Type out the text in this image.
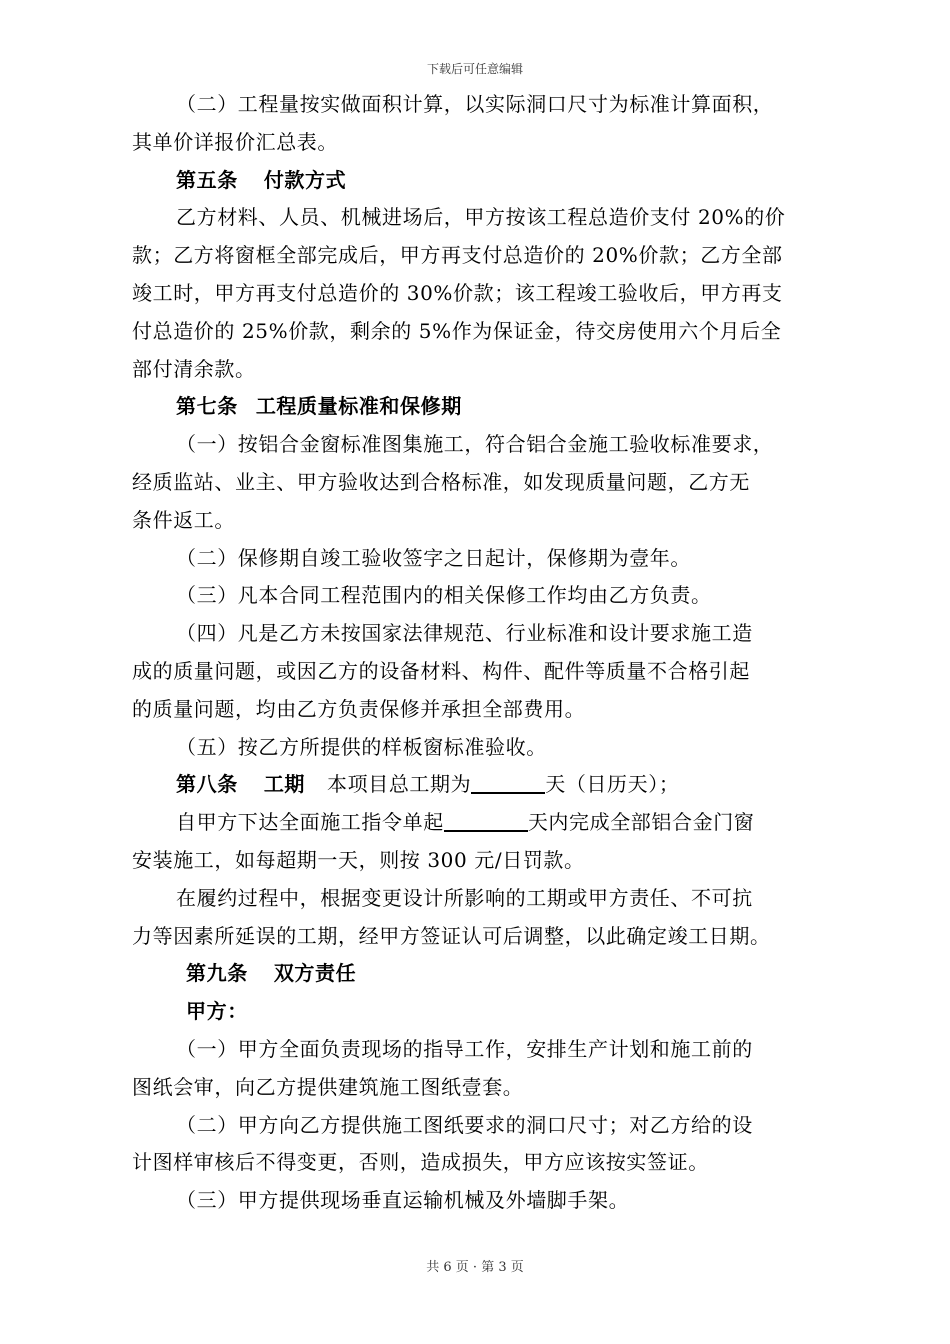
下载后可任意编辑
（二）工程量按实做面积计算，以实际洞口尺寸为标准计算面积，
其单价详报价汇总表。
第五条 付款方式
乙方材料、人员、机械进场后，甲方按该工程总造价支付 20%的价
款；乙方将窗框全部完成后，甲方再支付总造价的 20%价款；乙方全部
竣工时，甲方再支付总造价的 30%价款；该工程竣工验收后，甲方再支
付总造价的 25%价款，剩余的 5%作为保证金，待交房使用六个月后全
部付清余款。
第七条 工程质量标准和保修期
（一）按铝合金窗标准图集施工，符合铝合金施工验收标准要求，
经质监站、业主、甲方验收达到合格标准，如发现质量问题，乙方无
条件返工。
（二）保修期自竣工验收签字之日起计，保修期为壹年。
（三）凡本合同工程范围内的相关保修工作均由乙方负责。
（四）凡是乙方未按国家法律规范、行业标准和设计要求施工造
成的质量问题，或因乙方的设备材料、构件、配件等质量不合格引起
的质量问题，均由乙方负责保修并承担全部费用。
（五）按乙方所提供的样板窗标准验收。
第八条 工期 本项目总工期为	天（日历天）；
自甲方下达全面施工指令单起	天内完成全部铝合金门窗
安装施工，如每超期一天，则按 300 元/日罚款。
在履约过程中，根据变更设计所影响的工期或甲方责任、不可抗
力等因素所延误的工期，经甲方签证认可后调整，以此确定竣工日期。
第九条 双方责任
甲方：
（一）甲方全面负责现场的指导工作，安排生产计划和施工前的
图纸会审，向乙方提供建筑施工图纸壹套。
（二）甲方向乙方提供施工图纸要求的洞口尺寸；对乙方给的设
计图样审核后不得变更，否则，造成损失，甲方应该按实签证。
（三）甲方提供现场垂直运输机械及外墙脚手架。
共 6 页 · 第 3 页
